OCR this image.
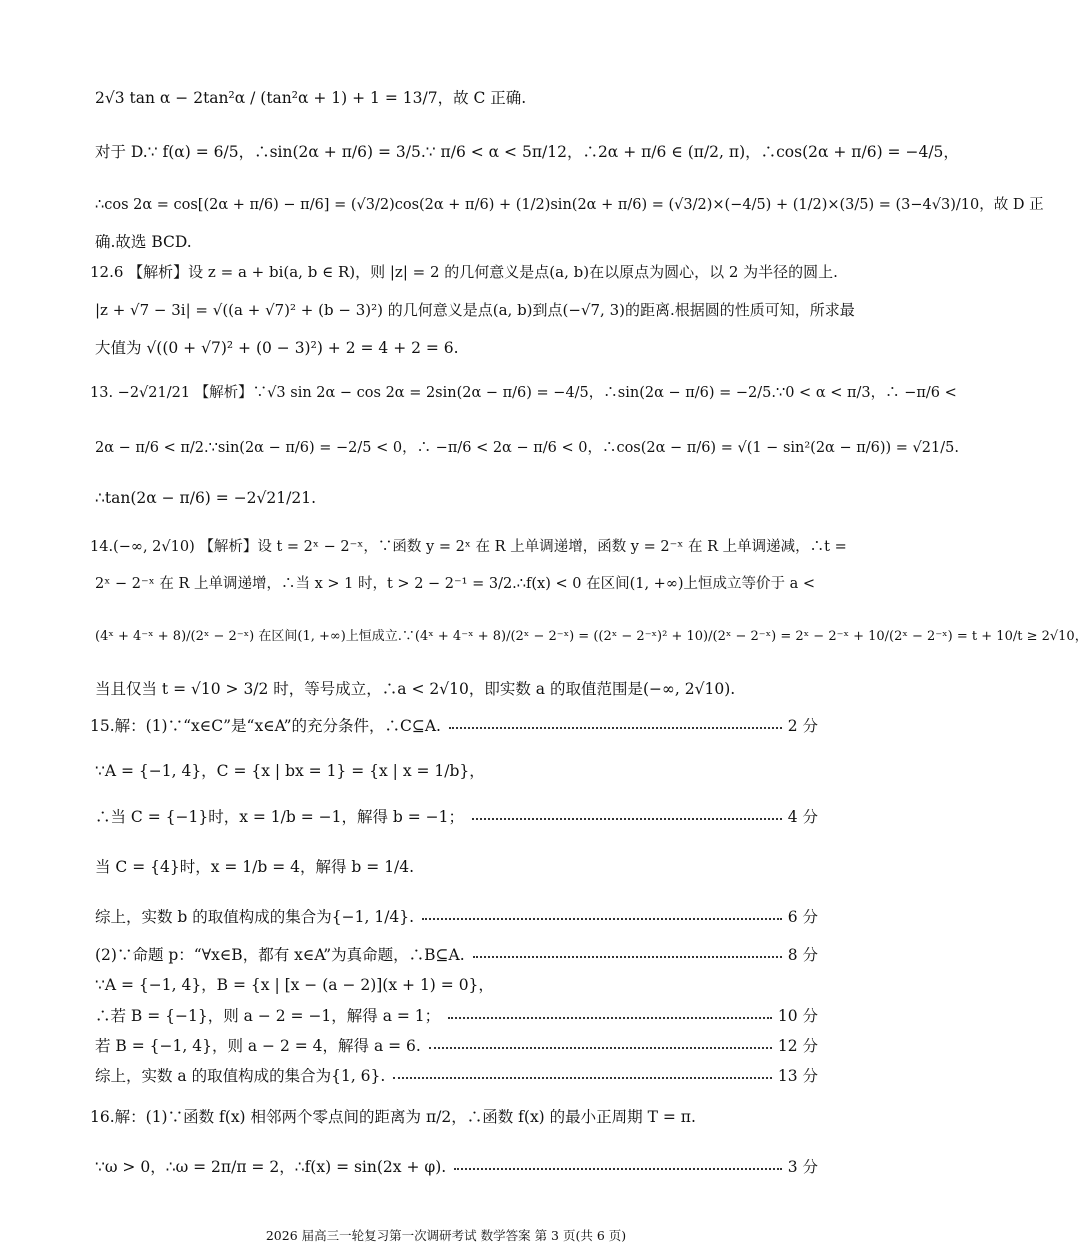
2√3 tan α − 2tan²α / (tan²α + 1) + 1 = 13/7，故 C 正确.
对于 D.∵ f(α) = 6/5，∴sin(2α + π/6) = 3/5.∵ π/6 < α < 5π/12，∴2α + π/6 ∈ (π/2, π)，∴cos(2α + π/6) = −4/5，
∴cos 2α = cos[(2α + π/6) − π/6] = (√3/2)cos(2α + π/6) + (1/2)sin(2α + π/6) = (√3/2)×(−4/5) + (1/2)×(3/5) = (3−4√3)/10，故 D 正
确.故选 BCD.
12.6 【解析】设 z = a + bi(a, b ∈ R)，则 |z| = 2 的几何意义是点(a, b)在以原点为圆心，以 2 为半径的圆上.
|z + √7 − 3i| = √((a + √7)² + (b − 3)²) 的几何意义是点(a, b)到点(−√7, 3)的距离.根据圆的性质可知，所求最
大值为 √((0 + √7)² + (0 − 3)²) + 2 = 4 + 2 = 6.
13. −2√21/21 【解析】∵√3 sin 2α − cos 2α = 2sin(2α − π/6) = −4/5，∴sin(2α − π/6) = −2/5.∵0 < α < π/3，∴ −π/6 <
2α − π/6 < π/2.∵sin(2α − π/6) = −2/5 < 0，∴ −π/6 < 2α − π/6 < 0，∴cos(2α − π/6) = √(1 − sin²(2α − π/6)) = √21/5.
∴tan(2α − π/6) = −2√21/21.
14.(−∞, 2√10) 【解析】设 t = 2ˣ − 2⁻ˣ，∵函数 y = 2ˣ 在 R 上单调递增，函数 y = 2⁻ˣ 在 R 上单调递减，∴t =
2ˣ − 2⁻ˣ 在 R 上单调递增，∴当 x > 1 时，t > 2 − 2⁻¹ = 3/2.∴f(x) < 0 在区间(1, +∞)上恒成立等价于 a <
(4ˣ + 4⁻ˣ + 8)/(2ˣ − 2⁻ˣ) 在区间(1, +∞)上恒成立.∵(4ˣ + 4⁻ˣ + 8)/(2ˣ − 2⁻ˣ) = ((2ˣ − 2⁻ˣ)² + 10)/(2ˣ − 2⁻ˣ) = 2ˣ − 2⁻ˣ + 10/(2ˣ − 2⁻ˣ) = t + 10/t ≥ 2√10，
当且仅当 t = √10 > 3/2 时，等号成立，∴a < 2√10，即实数 a 的取值范围是(−∞, 2√10).
15.解：(1)∵“x∈C”是“x∈A”的充分条件，∴C⊆A.	2 分
∵A = {−1, 4}，C = {x | bx = 1} = {x | x = 1/b}，
∴当 C = {−1}时，x = 1/b = −1，解得 b = −1；	4 分
当 C = {4}时，x = 1/b = 4，解得 b = 1/4.
综上，实数 b 的取值构成的集合为{−1, 1/4}.	6 分
(2)∵命题 p：“∀x∈B，都有 x∈A”为真命题，∴B⊆A.	8 分
∵A = {−1, 4}，B = {x | [x − (a − 2)](x + 1) = 0}，
∴若 B = {−1}，则 a − 2 = −1，解得 a = 1；	10 分
若 B = {−1, 4}，则 a − 2 = 4，解得 a = 6.	12 分
综上，实数 a 的取值构成的集合为{1, 6}.	13 分
16.解：(1)∵函数 f(x) 相邻两个零点间的距离为 π/2，∴函数 f(x) 的最小正周期 T = π.
∵ω > 0，∴ω = 2π/π = 2，∴f(x) = sin(2x + φ).	3 分
2026 届高三一轮复习第一次调研考试 数学答案 第 3 页(共 6 页)
